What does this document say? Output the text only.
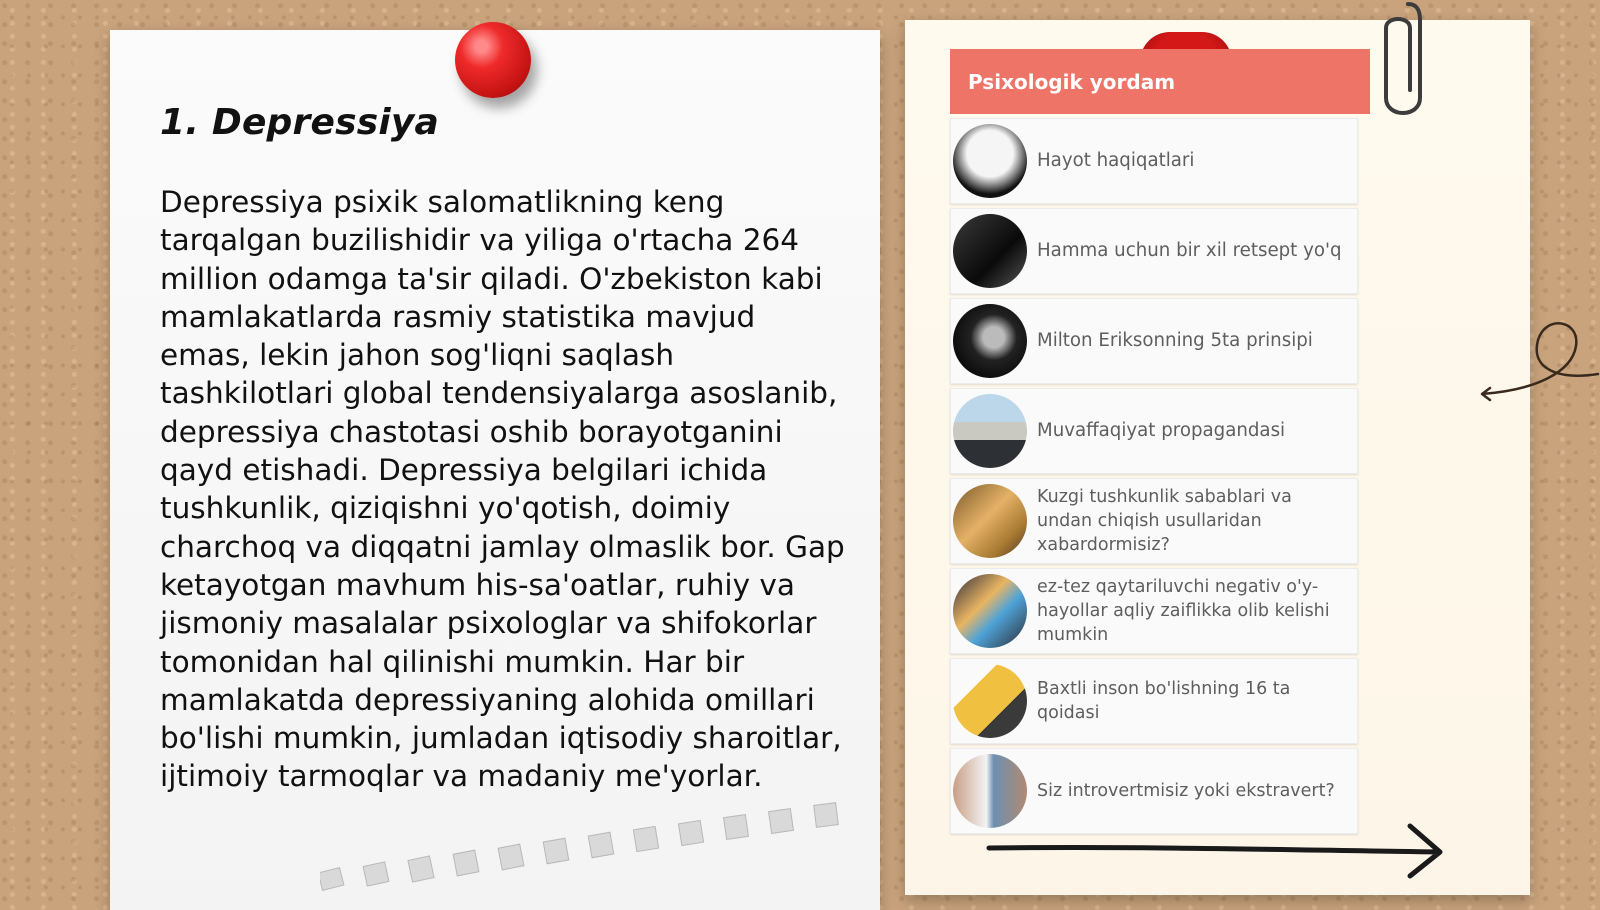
1. Depressiya

Depressiya psixik salomatlikning keng tarqalgan buzilishidir va yiliga o'rtacha 264 million odamga ta'sir qiladi. O'zbekiston kabi mamlakatlarda rasmiy statistika mavjud emas, lekin jahon sog'liqni saqlash tashkilotlari global tendensiyalarga asoslanib, depressiya chastotasi oshib borayotganini qayd etishadi. Depressiya belgilari ichida tushkunlik, qiziqishni yo'qotish, doimiy charchoq va diqqatni jamlay olmaslik bor. Gap ketayotgan mavhum his-sa'oatlar, ruhiy va jismoniy masalalar psixologlar va shifokorlar tomonidan hal qilinishi mumkin. Har bir mamlakatda depressiyaning alohida omillari bo'lishi mumkin, jumladan iqtisodiy sharoitlar, ijtimoiy tarmoqlar va madaniy me'yorlar.

Psixologik yordam
Hayot haqiqatlari
Hamma uchun bir xil retsept yo'q
Milton Eriksonning 5ta prinsipi
Muvaffaqiyat propagandasi
Kuzgi tushkunlik sabablari va undan chiqish usullaridan xabardormisiz?
ez-tez qaytariluvchi negativ o'y-hayollar aqliy zaiflikka olib kelishi mumkin
Baxtli inson bo'lishning 16 ta qoidasi
Siz introvertmisiz yoki ekstravert?
